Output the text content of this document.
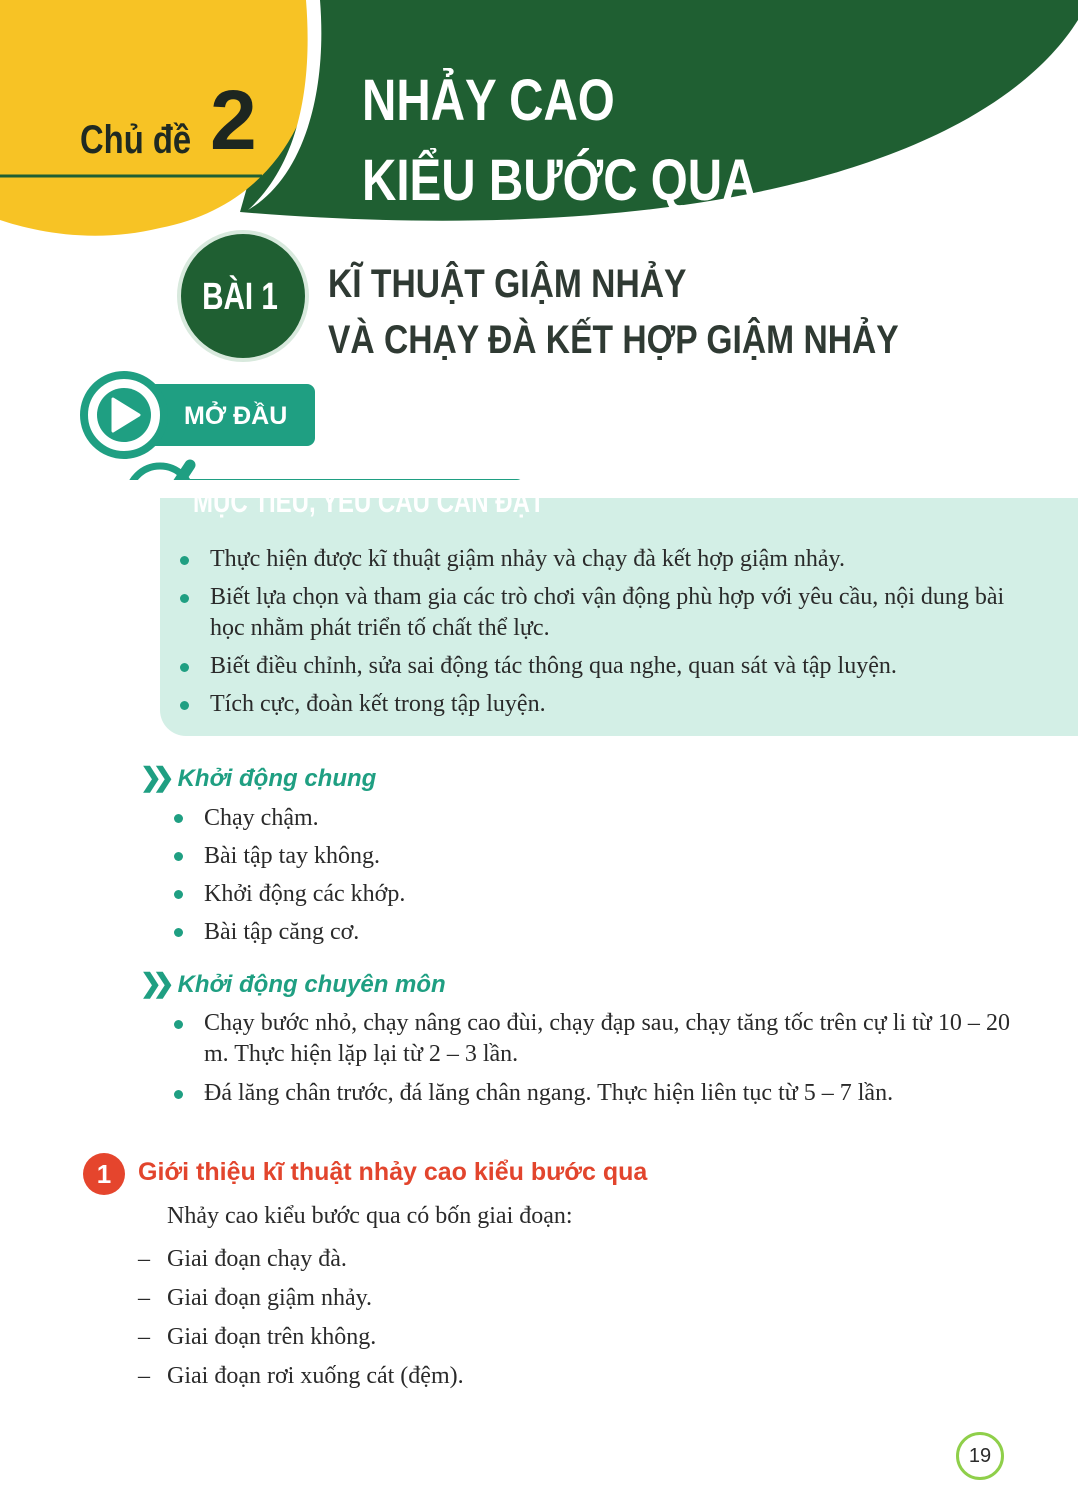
Chủ đề 2 NHẢY CAO
KIỂU BƯỚC QUA
BÀI 1 KĨ THUẬT GIẬM NHẢY
VÀ CHẠY ĐÀ KẾT HỢP GIẬM NHẢY
MỞ ĐẦU
MỤC TIÊU, YÊU CẦU CẦN ĐẠT
Thực hiện được kĩ thuật giậm nhảy và chạy đà kết hợp giậm nhảy.
Biết lựa chọn và tham gia các trò chơi vận động phù hợp với yêu cầu, nội dung bài học nhằm phát triển tố chất thể lực.
Biết điều chỉnh, sửa sai động tác thông qua nghe, quan sát và tập luyện.
Tích cực, đoàn kết trong tập luyện.
❯❯ Khởi động chung
Chạy chậm.
Bài tập tay không.
Khởi động các khớp.
Bài tập căng cơ.
❯❯ Khởi động chuyên môn
Chạy bước nhỏ, chạy nâng cao đùi, chạy đạp sau, chạy tăng tốc trên cự li từ 10 – 20 m. Thực hiện lặp lại từ 2 – 3 lần.
Đá lăng chân trước, đá lăng chân ngang. Thực hiện liên tục từ 5 – 7 lần.
1	Giới thiệu kĩ thuật nhảy cao kiểu bước qua
Nhảy cao kiểu bước qua có bốn giai đoạn:
– Giai đoạn chạy đà.
– Giai đoạn giậm nhảy.
– Giai đoạn trên không.
– Giai đoạn rơi xuống cát (đệm).
19
